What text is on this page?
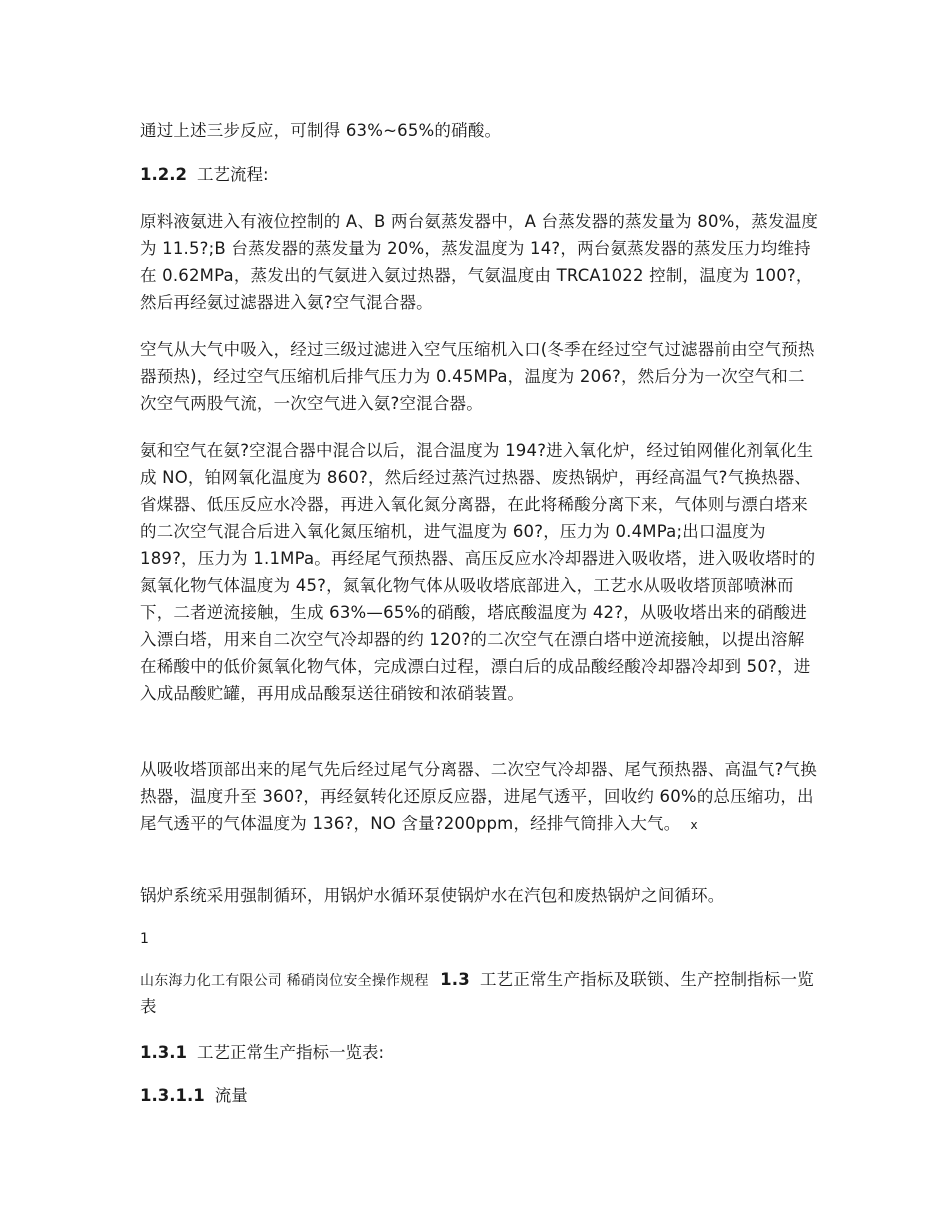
通过上述三步反应，可制得 63%~65%的硝酸。

1.2.2 工艺流程:

原料液氨进入有液位控制的 A、B 两台氨蒸发器中，A 台蒸发器的蒸发量为 80%，蒸发温度为 11.5?;B 台蒸发器的蒸发量为 20%，蒸发温度为 14?，两台氨蒸发器的蒸发压力均维持在 0.62MPa，蒸发出的气氨进入氨过热器，气氨温度由 TRCA1022 控制，温度为 100?，然后再经氨过滤器进入氨?空气混合器。

空气从大气中吸入，经过三级过滤进入空气压缩机入口(冬季在经过空气过滤器前由空气预热器预热)，经过空气压缩机后排气压力为 0.45MPa，温度为 206?，然后分为一次空气和二次空气两股气流，一次空气进入氨?空混合器。

氨和空气在氨?空混合器中混合以后，混合温度为 194?进入氧化炉，经过铂网催化剂氧化生成 NO，铂网氧化温度为 860?，然后经过蒸汽过热器、废热锅炉，再经高温气?气换热器、省煤器、低压反应水冷器，再进入氧化氮分离器，在此将稀酸分离下来，气体则与漂白塔来的二次空气混合后进入氧化氮压缩机，进气温度为 60?，压力为 0.4MPa;出口温度为 189?，压力为 1.1MPa。再经尾气预热器、高压反应水冷却器进入吸收塔，进入吸收塔时的氮氧化物气体温度为 45?，氮氧化物气体从吸收塔底部进入，工艺水从吸收塔顶部喷淋而下，二者逆流接触，生成 63%—65%的硝酸，塔底酸温度为 42?，从吸收塔出来的硝酸进入漂白塔，用来自二次空气冷却器的约 120?的二次空气在漂白塔中逆流接触，以提出溶解在稀酸中的低价氮氧化物气体，完成漂白过程，漂白后的成品酸经酸冷却器冷却到 50?，进入成品酸贮罐，再用成品酸泵送往硝铵和浓硝装置。

从吸收塔顶部出来的尾气先后经过尾气分离器、二次空气冷却器、尾气预热器、高温气?气换热器，温度升至 360?，再经氨转化还原反应器，进尾气透平，回收约 60%的总压缩功，出尾气透平的气体温度为 136?，NO 含量?200ppm，经排气筒排入大气。 x

锅炉系统采用强制循环，用锅炉水循环泵使锅炉水在汽包和废热锅炉之间循环。

1

山东海力化工有限公司 稀硝岗位安全操作规程 1.3 工艺正常生产指标及联锁、生产控制指标一览表

1.3.1 工艺正常生产指标一览表:

1.3.1.1 流量
